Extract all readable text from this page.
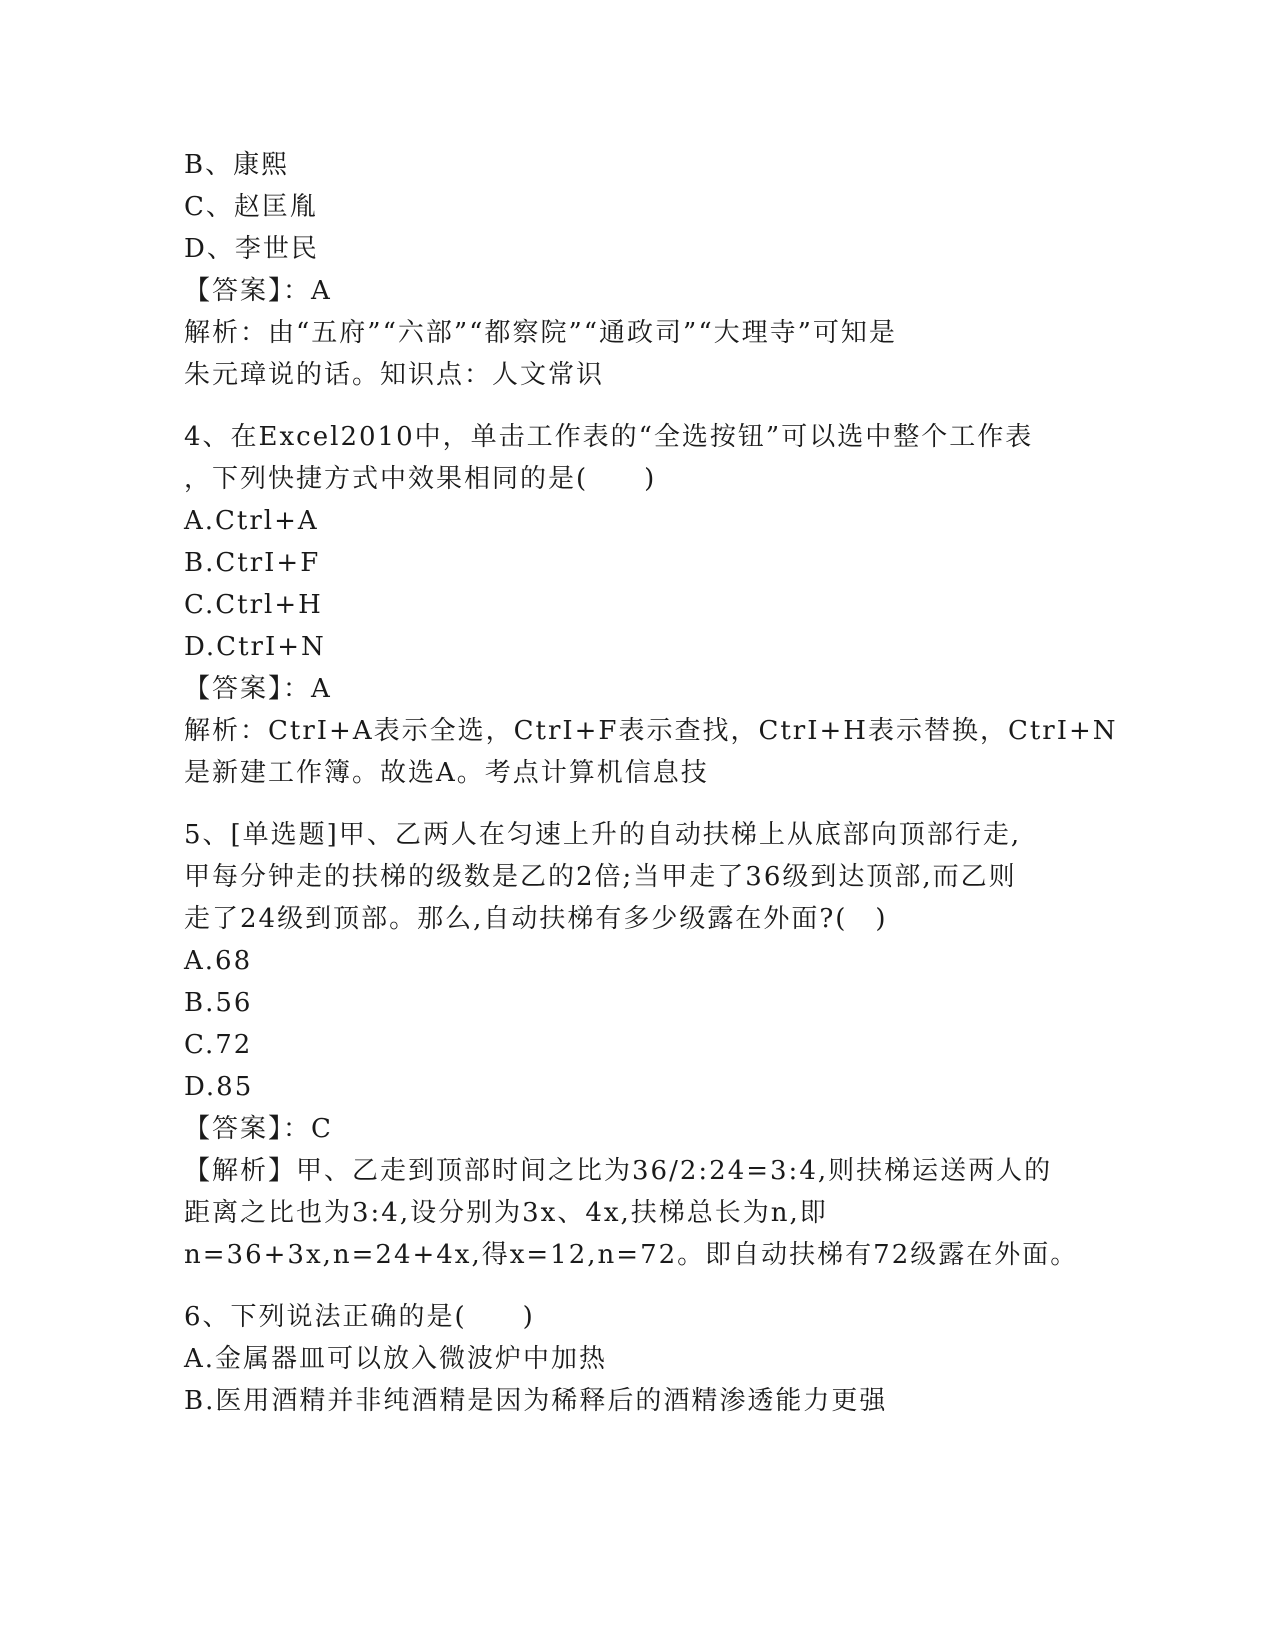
B、康熙
C、赵匡胤
D、李世民
【答案】：A
解析：由“五府”“六部”“都察院”“通政司”“大理寺”可知是
朱元璋说的话。知识点：人文常识
4、在Excel2010中，单击工作表的“全选按钮”可以选中整个工作表
，下列快捷方式中效果相同的是(　　)
A.Ctrl+A
B.CtrI+F
C.Ctrl+H
D.CtrI+N
【答案】：A
解析：CtrI+A表示全选，CtrI+F表示查找，CtrI+H表示替换，CtrI+N
是新建工作簿。故选A。考点计算机信息技
5、[单选题]甲、乙两人在匀速上升的自动扶梯上从底部向顶部行走,
甲每分钟走的扶梯的级数是乙的2倍;当甲走了36级到达顶部,而乙则
走了24级到顶部。那么,自动扶梯有多少级露在外面?(　)
A.68
B.56
C.72
D.85
【答案】：C
【解析】甲、乙走到顶部时间之比为36/2:24=3:4,则扶梯运送两人的
距离之比也为3:4,设分别为3x、4x,扶梯总长为n,即
n=36+3x,n=24+4x,得x=12,n=72。即自动扶梯有72级露在外面。
6、下列说法正确的是(　　)
A.金属器皿可以放入微波炉中加热
B.医用酒精并非纯酒精是因为稀释后的酒精渗透能力更强
